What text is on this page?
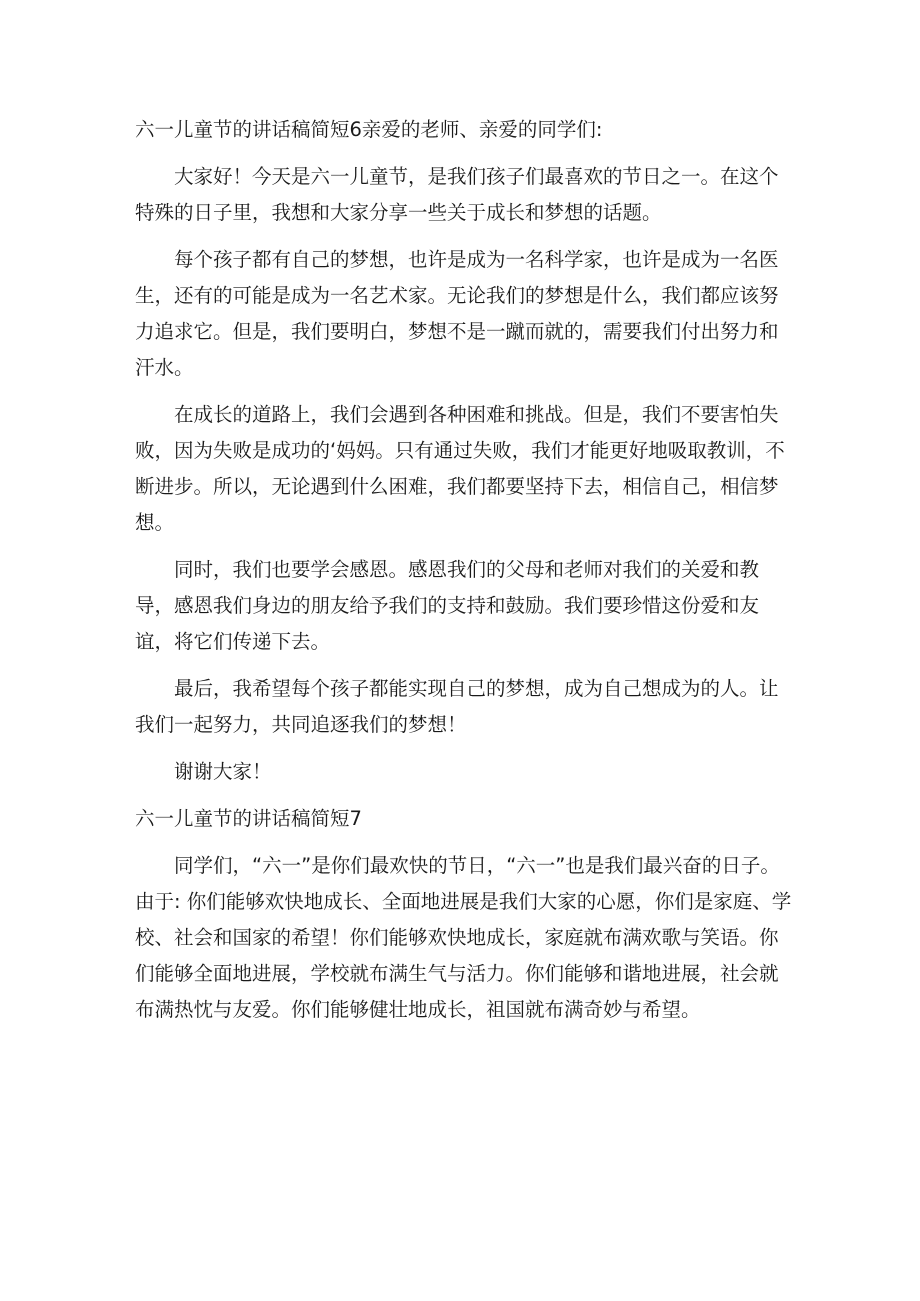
六一儿童节的讲话稿简短6亲爱的老师、亲爱的同学们:

大家好！今天是六一儿童节，是我们孩子们最喜欢的节日之一。在这个特殊的日子里，我想和大家分享一些关于成长和梦想的话题。

每个孩子都有自己的梦想，也许是成为一名科学家，也许是成为一名医生，还有的可能是成为一名艺术家。无论我们的梦想是什么，我们都应该努力追求它。但是，我们要明白，梦想不是一蹴而就的，需要我们付出努力和汗水。

在成长的道路上，我们会遇到各种困难和挑战。但是，我们不要害怕失败，因为失败是成功的‘妈妈。只有通过失败，我们才能更好地吸取教训，不断进步。所以，无论遇到什么困难，我们都要坚持下去，相信自己，相信梦想。

同时，我们也要学会感恩。感恩我们的父母和老师对我们的关爱和教导，感恩我们身边的朋友给予我们的支持和鼓励。我们要珍惜这份爱和友谊，将它们传递下去。

最后，我希望每个孩子都能实现自己的梦想，成为自己想成为的人。让我们一起努力，共同追逐我们的梦想！

谢谢大家！

六一儿童节的讲话稿简短7

同学们，“六一”是你们最欢快的节日，“六一”也是我们最兴奋的日子。由于: 你们能够欢快地成长、全面地进展是我们大家的心愿，你们是家庭、学校、社会和国家的希望！你们能够欢快地成长，家庭就布满欢歌与笑语。你们能够全面地进展，学校就布满生气与活力。你们能够和谐地进展，社会就布满热忱与友爱。你们能够健壮地成长，祖国就布满奇妙与希望。
